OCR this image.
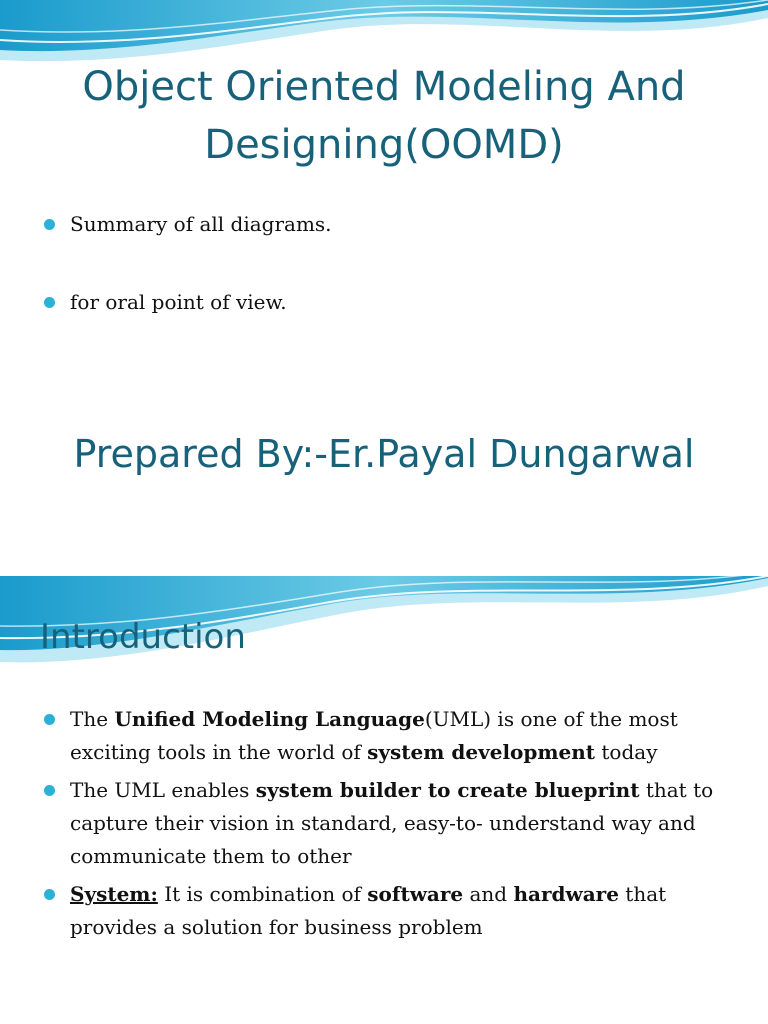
Object Oriented Modeling And Designing(OOMD)
Summary of all diagrams.
for oral point of view.
Prepared By:-Er.Payal Dungarwal
Introduction
The Unified Modeling Language(UML) is one of the most exciting tools in the world of system development today
The UML enables system builder to create blueprint that to capture their vision in standard, easy-to- understand way and communicate them to other
System: It is combination of software and hardware that provides a solution for business problem
